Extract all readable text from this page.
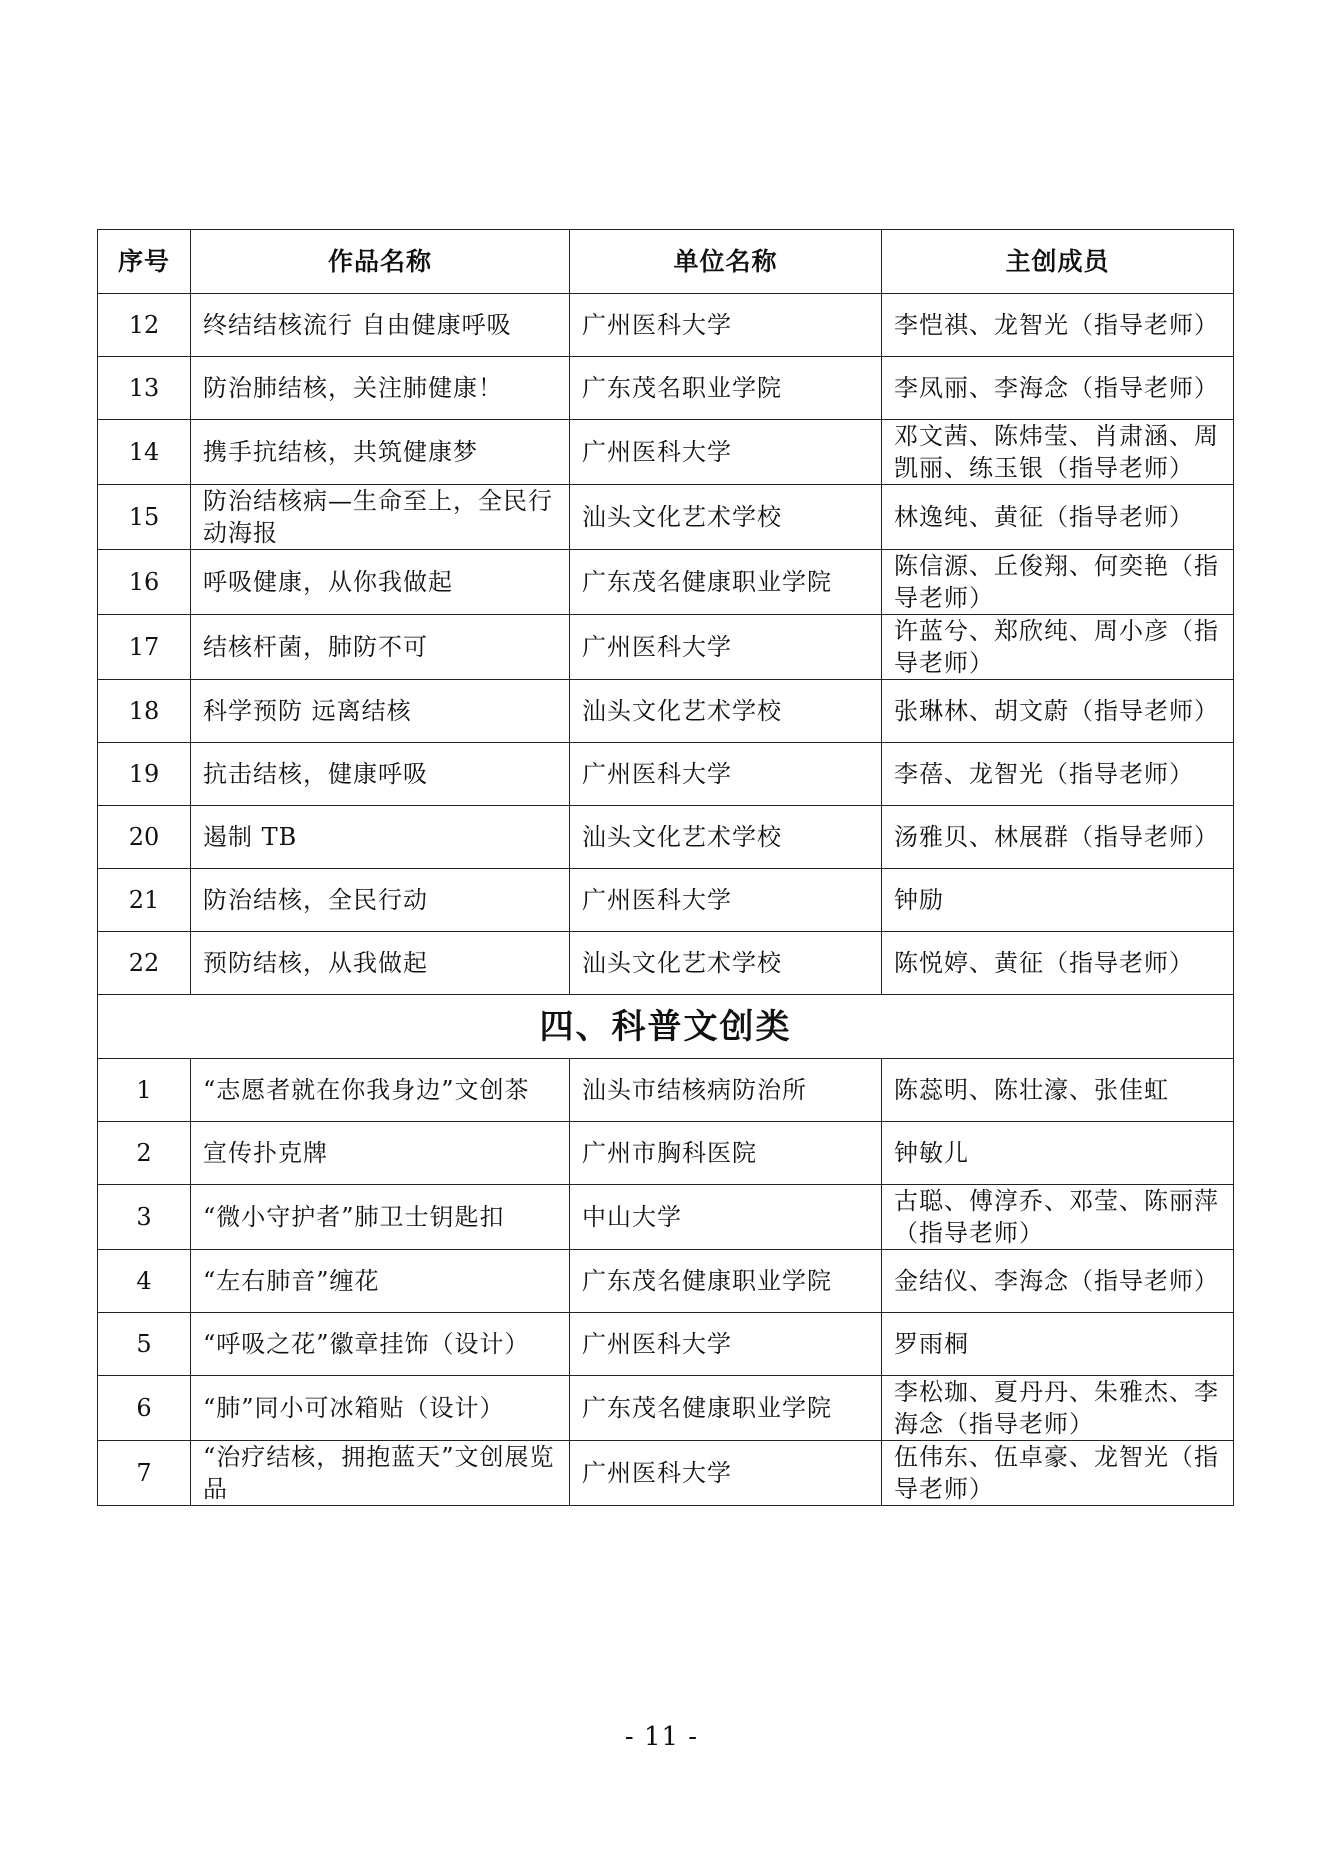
序号	作品名称	单位名称	主创成员
12	终结结核流行 自由健康呼吸	广州医科大学	李恺祺、龙智光（指导老师）
13	防治肺结核，关注肺健康！	广东茂名职业学院	李凤丽、李海念（指导老师）
14	携手抗结核，共筑健康梦	广州医科大学	邓文茜、陈炜莹、肖肃涵、周凯丽、练玉银（指导老师）
15	防治结核病—生命至上，全民行动海报	汕头文化艺术学校	林逸纯、黄征（指导老师）
16	呼吸健康，从你我做起	广东茂名健康职业学院	陈信源、丘俊翔、何奕艳（指导老师）
17	结核杆菌，肺防不可	广州医科大学	许蓝兮、郑欣纯、周小彦（指导老师）
18	科学预防 远离结核	汕头文化艺术学校	张琳林、胡文蔚（指导老师）
19	抗击结核，健康呼吸	广州医科大学	李蓓、龙智光（指导老师）
20	遏制 TB	汕头文化艺术学校	汤雅贝、林展群（指导老师）
21	防治结核，全民行动	广州医科大学	钟励
22	预防结核，从我做起	汕头文化艺术学校	陈悦婷、黄征（指导老师）
四、科普文创类			
1	“志愿者就在你我身边”文创茶	汕头市结核病防治所	陈蕊明、陈壮濠、张佳虹
2	宣传扑克牌	广州市胸科医院	钟敏儿
3	“微小守护者”肺卫士钥匙扣	中山大学	古聪、傅淳乔、邓莹、陈丽萍（指导老师）
4	“左右肺音”缠花	广东茂名健康职业学院	金结仪、李海念（指导老师）
5	“呼吸之花”徽章挂饰（设计）	广州医科大学	罗雨桐
6	“肺”同小可冰箱贴（设计）	广东茂名健康职业学院	李松珈、夏丹丹、朱雅杰、李海念（指导老师）
7	“治疗结核，拥抱蓝天”文创展览品	广州医科大学	伍伟东、伍卓豪、龙智光（指导老师）
- 11 -
